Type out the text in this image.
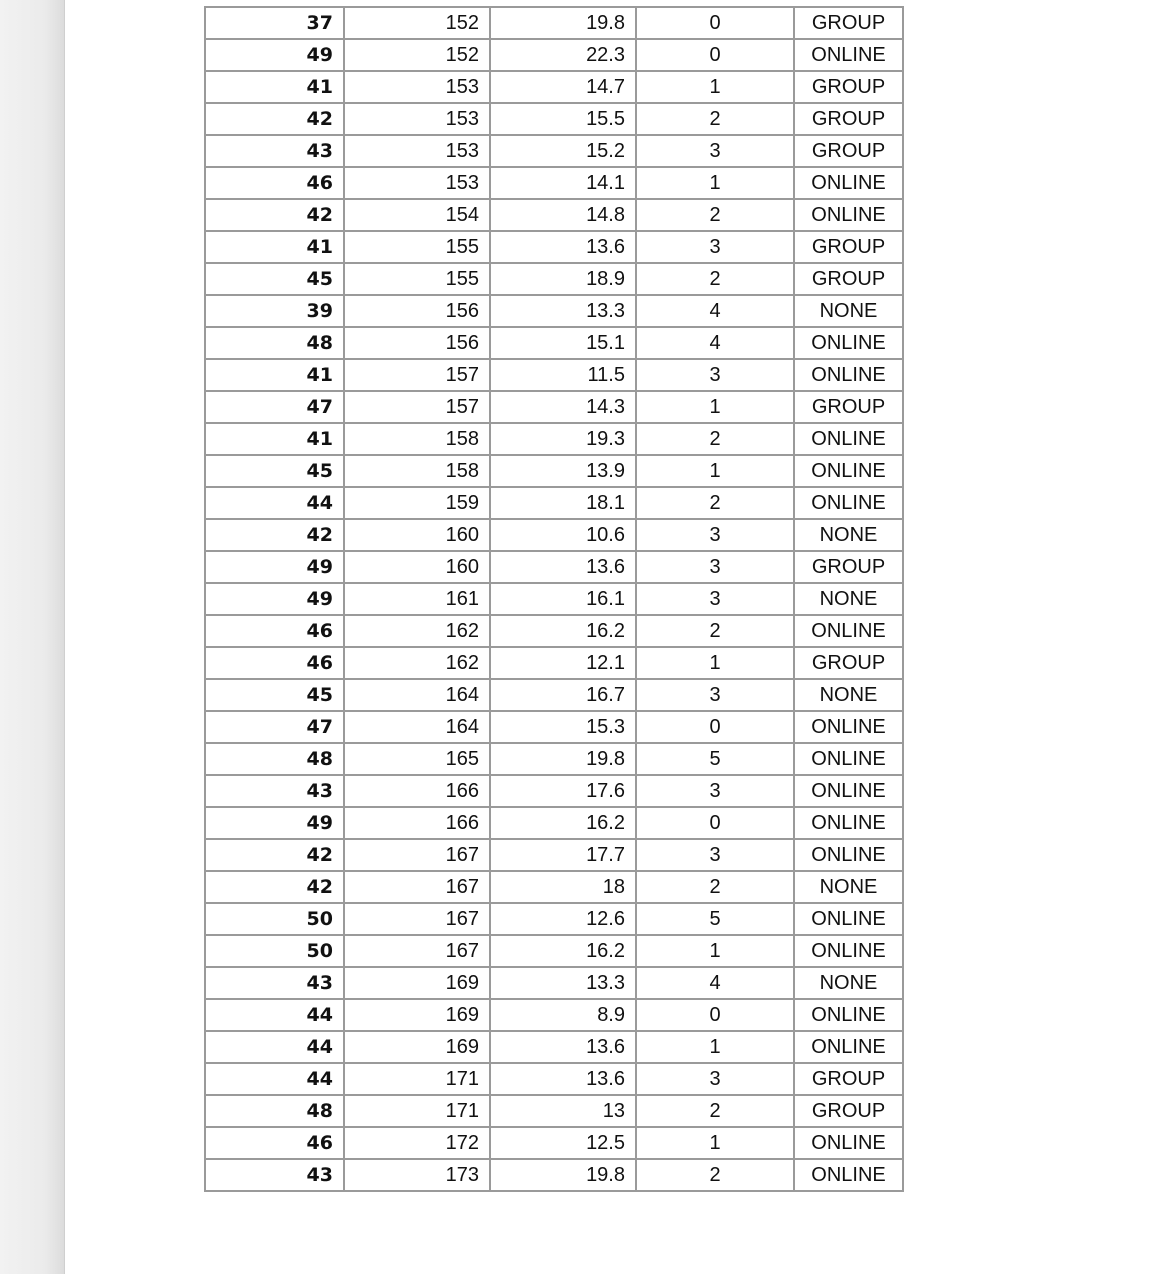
37	152	19.8	0	GROUP
49	152	22.3	0	ONLINE
41	153	14.7	1	GROUP
42	153	15.5	2	GROUP
43	153	15.2	3	GROUP
46	153	14.1	1	ONLINE
42	154	14.8	2	ONLINE
41	155	13.6	3	GROUP
45	155	18.9	2	GROUP
39	156	13.3	4	NONE
48	156	15.1	4	ONLINE
41	157	11.5	3	ONLINE
47	157	14.3	1	GROUP
41	158	19.3	2	ONLINE
45	158	13.9	1	ONLINE
44	159	18.1	2	ONLINE
42	160	10.6	3	NONE
49	160	13.6	3	GROUP
49	161	16.1	3	NONE
46	162	16.2	2	ONLINE
46	162	12.1	1	GROUP
45	164	16.7	3	NONE
47	164	15.3	0	ONLINE
48	165	19.8	5	ONLINE
43	166	17.6	3	ONLINE
49	166	16.2	0	ONLINE
42	167	17.7	3	ONLINE
42	167	18	2	NONE
50	167	12.6	5	ONLINE
50	167	16.2	1	ONLINE
43	169	13.3	4	NONE
44	169	8.9	0	ONLINE
44	169	13.6	1	ONLINE
44	171	13.6	3	GROUP
48	171	13	2	GROUP
46	172	12.5	1	ONLINE
43	173	19.8	2	ONLINE
